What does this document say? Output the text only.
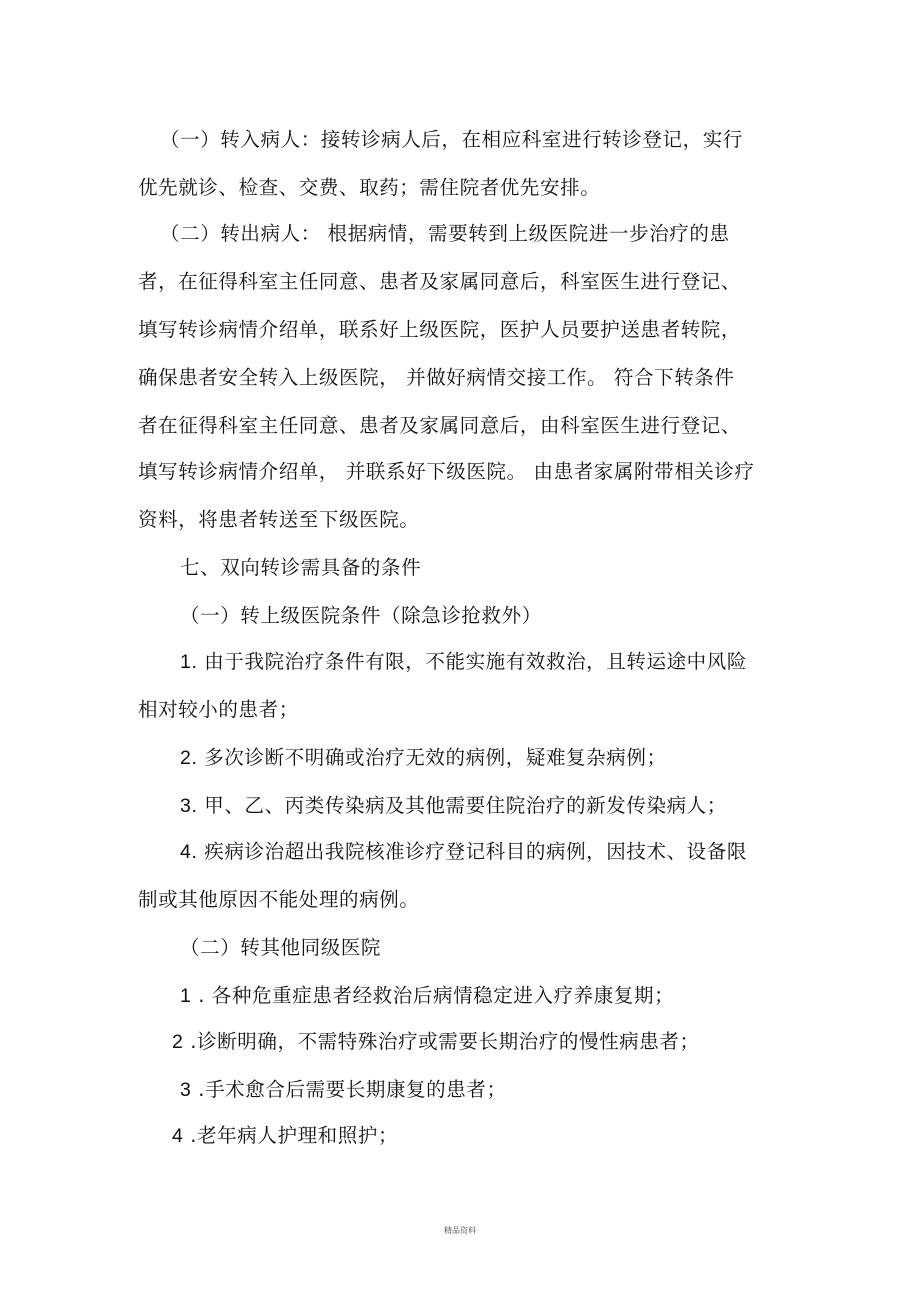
（一）转入病人：接转诊病人后，在相应科室进行转诊登记，实行
优先就诊、检查、交费、取药；需住院者优先安排。
（二）转出病人： 根据病情，需要转到上级医院进一步治疗的患
者，在征得科室主任同意、患者及家属同意后，科室医生进行登记、
填写转诊病情介绍单，联系好上级医院，医护人员要护送患者转院，
确保患者安全转入上级医院， 并做好病情交接工作。 符合下转条件
者在征得科室主任同意、患者及家属同意后，由科室医生进行登记、
填写转诊病情介绍单， 并联系好下级医院。 由患者家属附带相关诊疗
资料，将患者转送至下级医院。
七、双向转诊需具备的条件
（一）转上级医院条件（除急诊抢救外）
1. 由于我院治疗条件有限，不能实施有效救治，且转运途中风险
相对较小的患者；
2. 多次诊断不明确或治疗无效的病例，疑难复杂病例；
3. 甲、乙、丙类传染病及其他需要住院治疗的新发传染病人；
4. 疾病诊治超出我院核准诊疗登记科目的病例，因技术、设备限
制或其他原因不能处理的病例。
（二）转其他同级医院
1 . 各种危重症患者经救治后病情稳定进入疗养康复期；
2 .诊断明确，不需特殊治疗或需要长期治疗的慢性病患者；
3 .手术愈合后需要长期康复的患者；
4 .老年病人护理和照护；
精品资料
